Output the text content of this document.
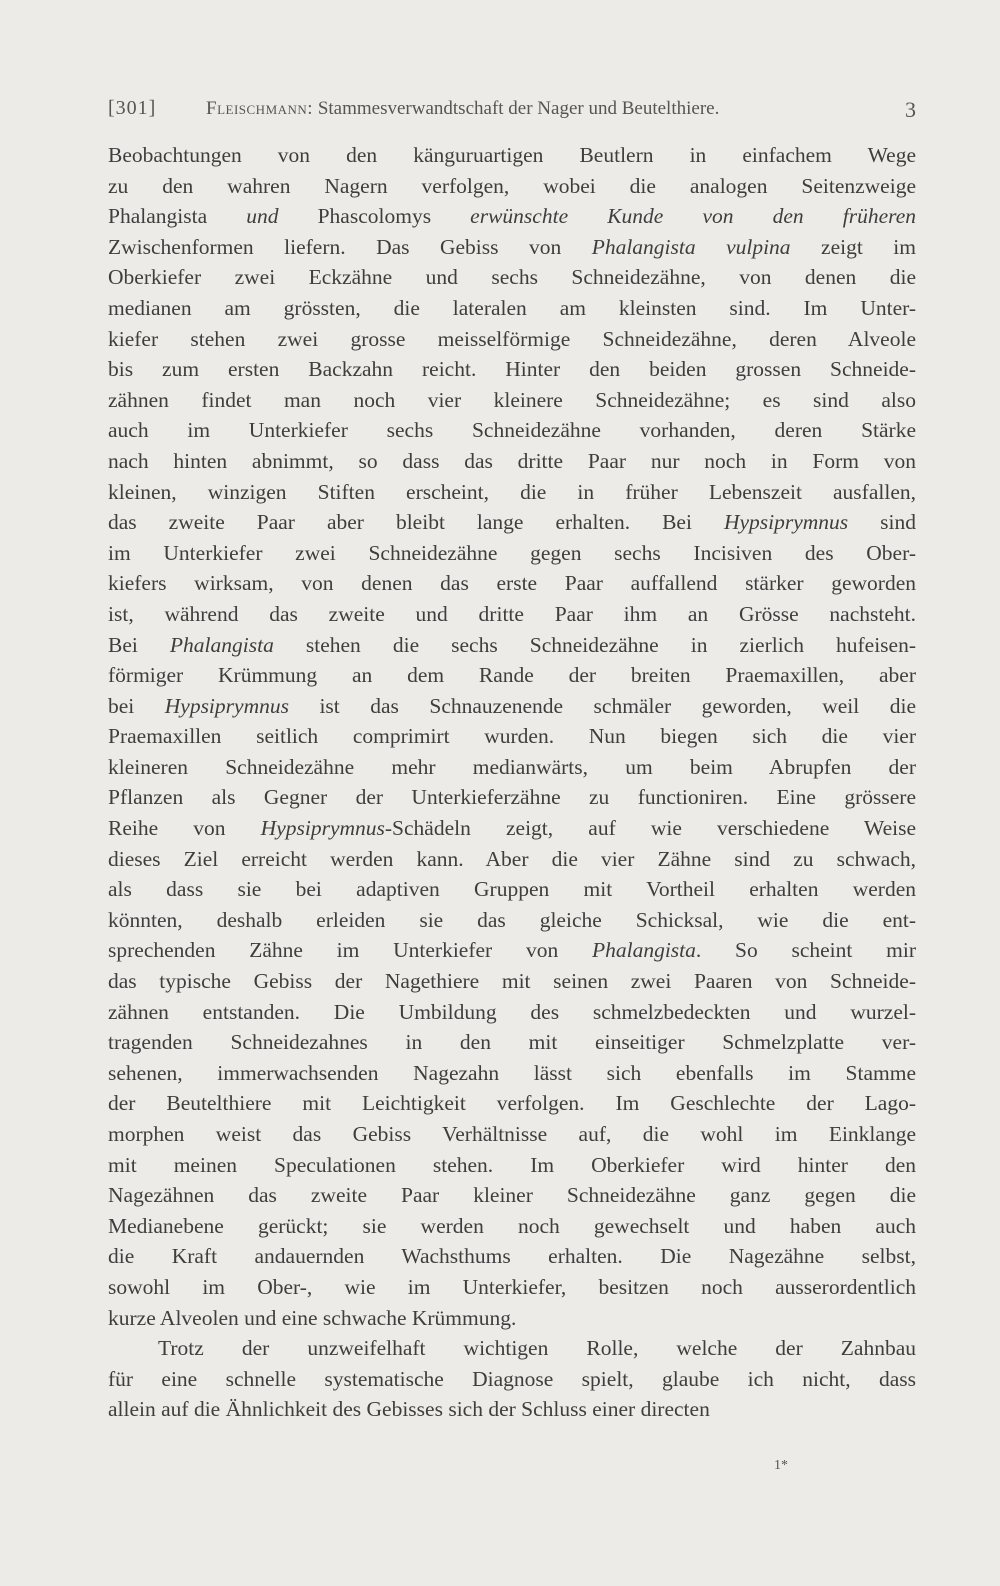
[301]	Fleischmann: Stammesverwandtschaft der Nager und Beutelthiere.	3
Beobachtungen von den känguruartigen Beutlern in einfachem Wege
zu den wahren Nagern verfolgen, wobei die analogen Seitenzweige
Phalangista und Phascolomys erwünschte Kunde von den früheren
Zwischenformen liefern. Das Gebiss von Phalangista vulpina zeigt im
Oberkiefer zwei Eckzähne und sechs Schneidezähne, von denen die
medianen am grössten, die lateralen am kleinsten sind. Im Unter-
kiefer stehen zwei grosse meisselförmige Schneidezähne, deren Alveole
bis zum ersten Backzahn reicht. Hinter den beiden grossen Schneide-
zähnen findet man noch vier kleinere Schneidezähne; es sind also
auch im Unterkiefer sechs Schneidezähne vorhanden, deren Stärke
nach hinten abnimmt, so dass das dritte Paar nur noch in Form von
kleinen, winzigen Stiften erscheint, die in früher Lebenszeit ausfallen,
das zweite Paar aber bleibt lange erhalten. Bei Hypsiprymnus sind
im Unterkiefer zwei Schneidezähne gegen sechs Incisiven des Ober-
kiefers wirksam, von denen das erste Paar auffallend stärker geworden
ist, während das zweite und dritte Paar ihm an Grösse nachsteht.
Bei Phalangista stehen die sechs Schneidezähne in zierlich hufeisen-
förmiger Krümmung an dem Rande der breiten Praemaxillen, aber
bei Hypsiprymnus ist das Schnauzenende schmäler geworden, weil die
Praemaxillen seitlich comprimirt wurden. Nun biegen sich die vier
kleineren Schneidezähne mehr medianwärts, um beim Abrupfen der
Pflanzen als Gegner der Unterkieferzähne zu functioniren. Eine grössere
Reihe von Hypsiprymnus-Schädeln zeigt, auf wie verschiedene Weise
dieses Ziel erreicht werden kann. Aber die vier Zähne sind zu schwach,
als dass sie bei adaptiven Gruppen mit Vortheil erhalten werden
könnten, deshalb erleiden sie das gleiche Schicksal, wie die ent-
sprechenden Zähne im Unterkiefer von Phalangista. So scheint mir
das typische Gebiss der Nagethiere mit seinen zwei Paaren von Schneide-
zähnen entstanden. Die Umbildung des schmelzbedeckten und wurzel-
tragenden Schneidezahnes in den mit einseitiger Schmelzplatte ver-
sehenen, immerwachsenden Nagezahn lässt sich ebenfalls im Stamme
der Beutelthiere mit Leichtigkeit verfolgen. Im Geschlechte der Lago-
morphen weist das Gebiss Verhältnisse auf, die wohl im Einklange
mit meinen Speculationen stehen. Im Oberkiefer wird hinter den
Nagezähnen das zweite Paar kleiner Schneidezähne ganz gegen die
Medianebene gerückt; sie werden noch gewechselt und haben auch
die Kraft andauernden Wachsthums erhalten. Die Nagezähne selbst,
sowohl im Ober-, wie im Unterkiefer, besitzen noch ausserordentlich
kurze Alveolen und eine schwache Krümmung.
Trotz der unzweifelhaft wichtigen Rolle, welche der Zahnbau
für eine schnelle systematische Diagnose spielt, glaube ich nicht, dass
allein auf die Ähnlichkeit des Gebisses sich der Schluss einer directen
1*
